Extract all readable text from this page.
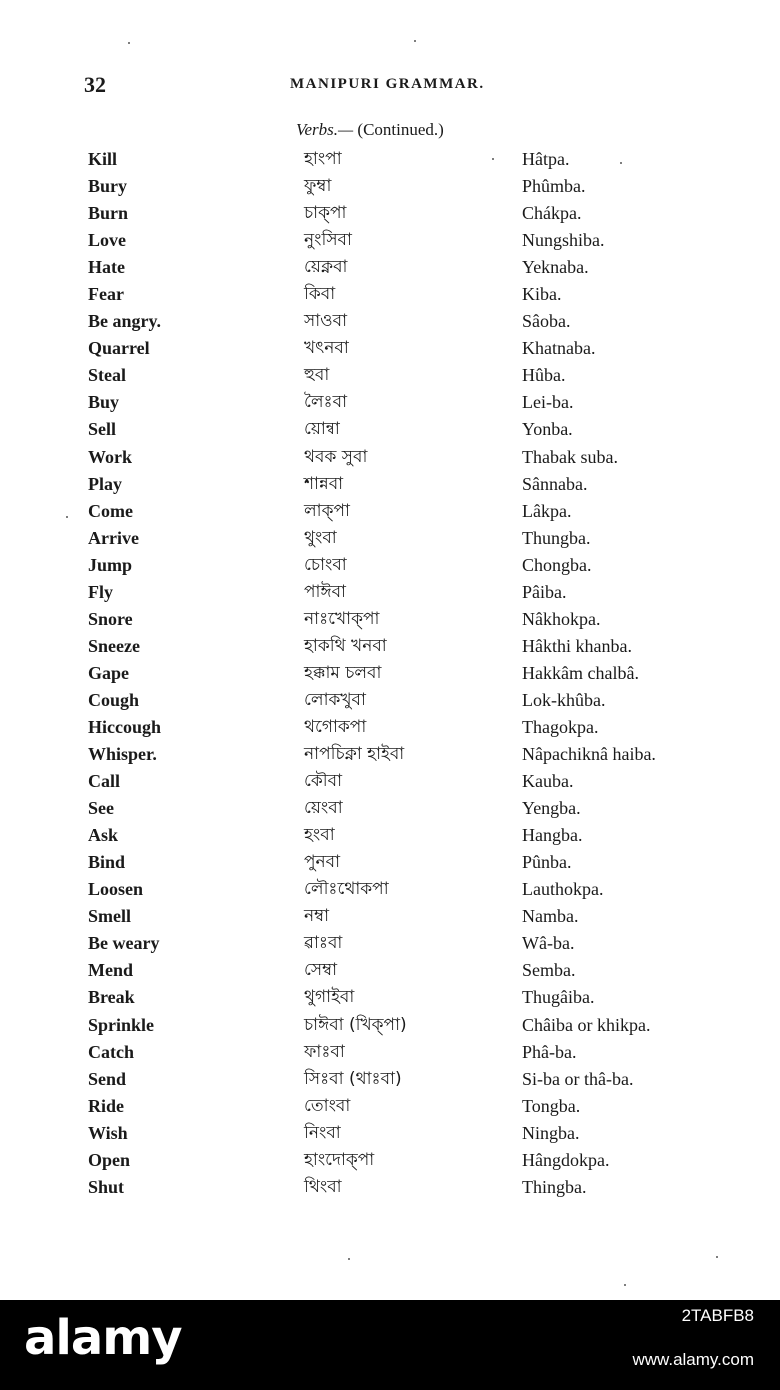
32	MANIPURI GRAMMAR.
Verbs.— (Continued.)
Kill	হাংপা	Hâtpa.
Bury	ফুম্বা	Phûmba.
Burn	চাক্পা	Chákpa.
Love	নুংসিবা	Nungshiba.
Hate	য়েক্নবা	Yeknaba.
Fear	কিবা	Kiba.
Be angry.	সাওবা	Sâoba.
Quarrel	খৎনবা	Khatnaba.
Steal	হুবা	Hûba.
Buy	লৈঃবা	Lei-ba.
Sell	য়োন্বা	Yonba.
Work	থবক সুবা	Thabak suba.
Play	শান্নবা	Sânnaba.
Come	লাক্পা	Lâkpa.
Arrive	থুংবা	Thungba.
Jump	চোংবা	Chongba.
Fly	পাঈবা	Pâiba.
Snore	নাঃখোক্পা	Nâkhokpa.
Sneeze	হাকথি খনবা	Hâkthi khanba.
Gape	হক্কাম চলবা	Hakkâm chalbâ.
Cough	লোকখুবা	Lok-khûba.
Hiccough	থগোকপা	Thagokpa.
Whisper.	নাপচিক্না হাইবা	Nâpachiknâ haiba.
Call	কৌবা	Kauba.
See	য়েংবা	Yengba.
Ask	হংবা	Hangba.
Bind	পুনবা	Pûnba.
Loosen	লৌঃথোকপা	Lauthokpa.
Smell	নম্বা	Namba.
Be weary	ৱাঃবা	Wâ-ba.
Mend	সেম্বা	Semba.
Break	থুগাইবা	Thugâiba.
Sprinkle	চাঈবা (খিক্পা)	Châiba or khikpa.
Catch	ফাঃবা	Phâ-ba.
Send	সিঃবা (থাঃবা)	Si-ba or thâ-ba.
Ride	তোংবা	Tongba.
Wish	নিংবা	Ningba.
Open	হাংদোক্পা	Hângdokpa.
Shut	থিংবা	Thingba.
alamy	2TABFB8
www.alamy.com
